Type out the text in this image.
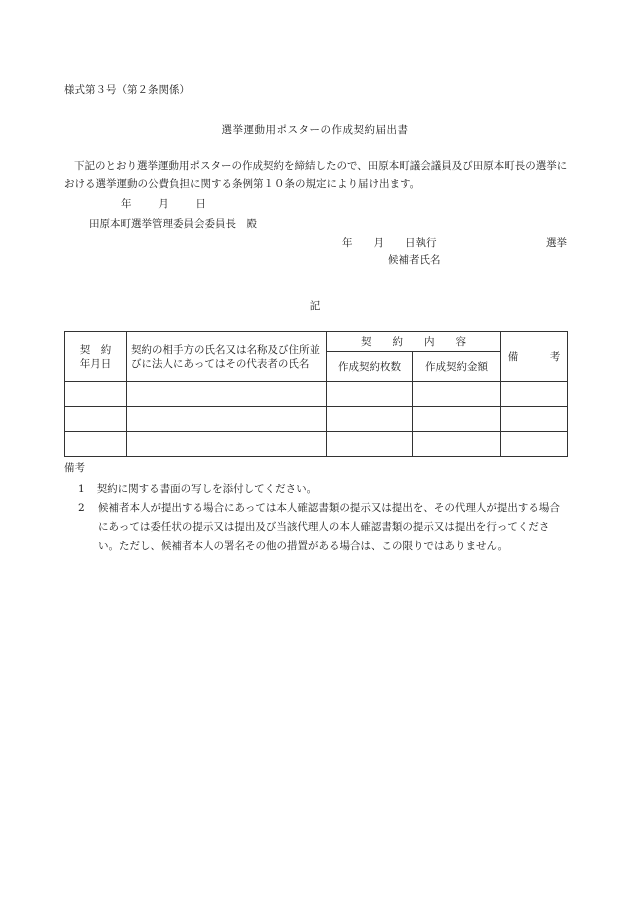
様式第３号（第２条関係）
選挙運動用ポスターの作成契約届出書
下記のとおり選挙運動用ポスターの作成契約を締結したので、田原本町議会議員及び田原本町長の選挙における選挙運動の公費負担に関する条例第１０条の規定により届け出ます。
年	月	日
田原本町選挙管理委員会委員長　殿
年　　月　　日執行	選挙
候補者氏名
記
契　約
年月日	契約の相手方の氏名又は名称及び住所並びに法人にあってはその代表者の氏名	契　　約　　内　　容		備　　　考
		作成契約枚数	作成契約金額	

備考
1 契約に関する書面の写しを添付してください。
2	候補者本人が提出する場合にあっては本人確認書類の提示又は提出を、その代理人が提出する場合にあっては委任状の提示又は提出及び当該代理人の本人確認書類の提示又は提出を行ってください。ただし、候補者本人の署名その他の措置がある場合は、この限りではありません。
